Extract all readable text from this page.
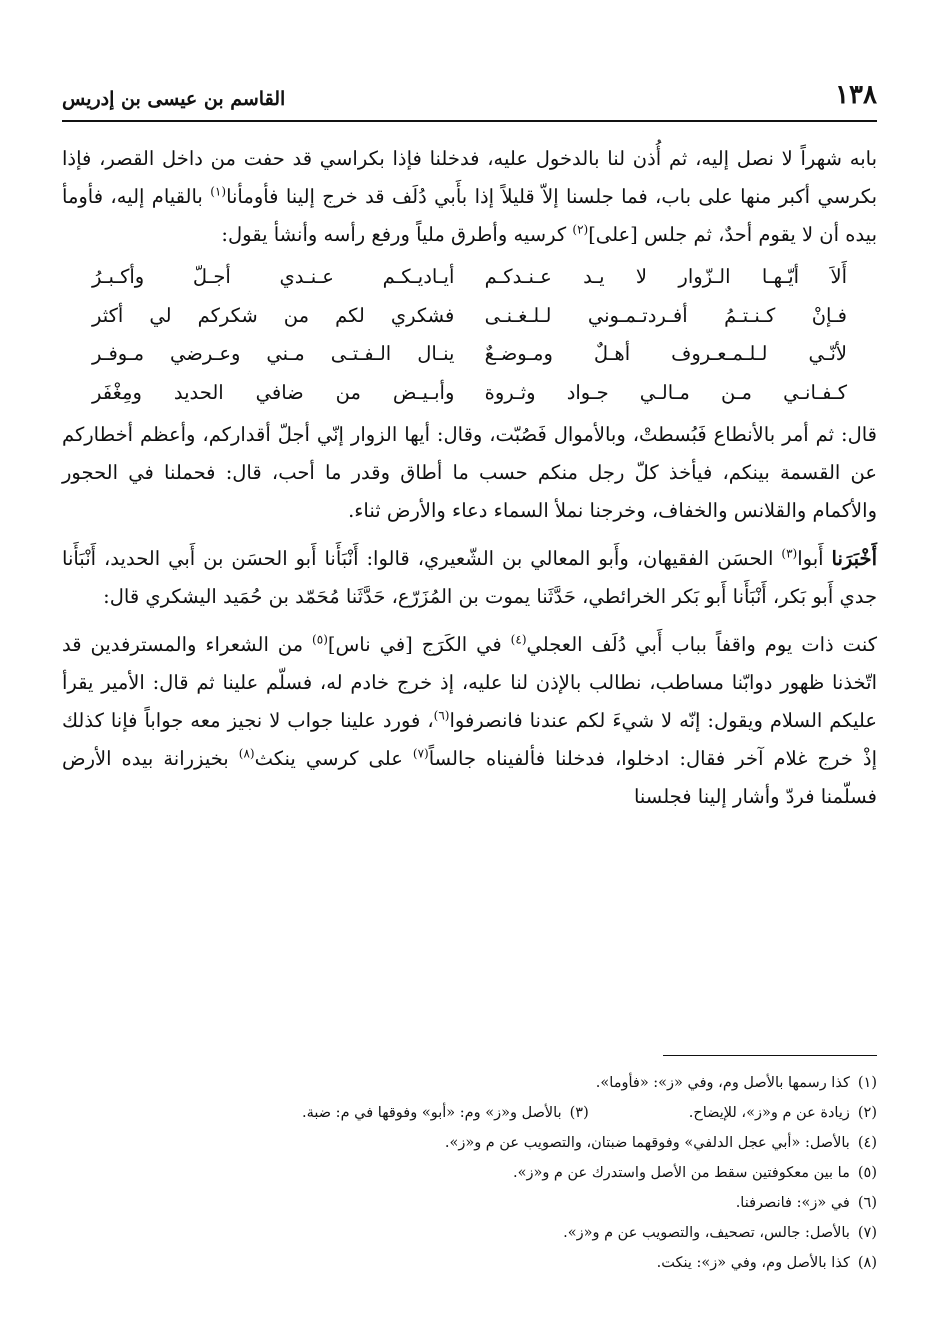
١٣٨
القاسم بن عيسى بن إدريس

بابه شهراً لا نصل إليه، ثم أُذن لنا بالدخول عليه، فدخلنا فإذا بكراسي قد حفت من داخل القصر، فإذا بكرسي أكبر منها على باب، فما جلسنا إلاّ قليلاً إذا بأَبي دُلَف قد خرج إلينا فأومأنا$^{(١)}$ بالقيام إليه، فأومأ بيده أن لا يقوم أحدٌ، ثم جلس [على]$^{(٢)}$ كرسيه وأطرق ملياً ورفع رأسه وأنشأ يقول:

أَلاَ أيّـهـا الـزّوار لا يـد عـنـدكـم
أيـاديـكـم عـنـدي أجـلّ وأكـبـرُ
فـإنْ كـنـتـمُ أفـردتـمـوني لـلـغـنـى
فشكري لكم من شكركم لي أكثر
لأنّـي لـلـمـعـروف أهـلٌ ومـوضـعٌ
ينـال الـفـتـى مـني وعـرضي مـوفـر
كـفـانـي مـن مـالـي جـواد وثـروة
وأبـيـض من ضافي الحديد ومِغْفَر

قال: ثم أمر بالأنطاع فَبُسطتْ، وبالأموال فَصُبّت، وقال: أيها الزوار إنّي أجلّ أقداركم، وأعظم أخطاركم عن القسمة بينكم، فيأخذ كلّ رجل منكم حسب ما أطاق وقدر ما أحب، قال: فحملنا في الحجور والأكمام والقلانس والخفاف، وخرجنا نملأ السماء دعاء والأرض ثناء.

أَخْبَرَنا أَبوا$^{(٣)}$ الحسَن الفقيهان، وأَبو المعالي بن الشّعيري، قالوا: أَنْبَأَنا أَبو الحسَن بن أَبي الحديد، أَنْبَأَنا جدي أَبو بَكر، أَنْبَأَنا أَبو بَكر الخرائطي، حَدَّثَنا يموت بن المُزَرّع، حَدَّثَنا مُحَمّد بن حُمَيد اليشكري قال:

كنت ذات يوم واقفاً بباب أَبي دُلَف العجلي$^{(٤)}$ في الكَرَج [في ناس]$^{(٥)}$ من الشعراء والمسترفدين قد اتّخذنا ظهور دوابّنا مساطب، نطالب بالإذن لنا عليه، إذ خرج خادم له، فسلّم علينا ثم قال: الأمير يقرأ عليكم السلام ويقول: إنّه لا شيءَ لكم عندنا فانصرفوا$^{(٦)}$، فورد علينا جواب لا نجيز معه جواباً فإنا كذلك إذْ خرج غلام آخر فقال: ادخلوا، فدخلنا فألفيناه جالساً$^{(٧)}$ على كرسي ينكث$^{(٨)}$ بخيزرانة بيده الأرض فسلّمنا فردّ وأشار إلينا فجلسنا

(١)كذا رسمها بالأصل وم، وفي «ز»: «فأوما».
(٢)زيادة عن م و«ز»، للإيضاح.
(٣)بالأصل و«ز» وم: «أبو» وفوقها في م: ضبة.
(٤)بالأصل: «أبي عجل الدلفي» وفوقهما ضبتان، والتصويب عن م و«ز».
(٥)ما بين معكوفتين سقط من الأصل واستدرك عن م و«ز».
(٦)في «ز»: فانصرفنا.
(٧)بالأصل: جالس، تصحيف، والتصويب عن م و«ز».
(٨)كذا بالأصل وم، وفي «ز»: ينكت.
